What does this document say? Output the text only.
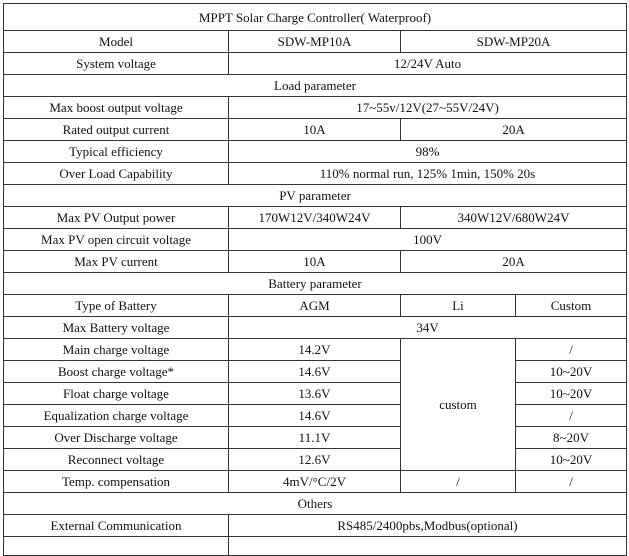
MPPT Solar Charge Controller( Waterproof)			
Model	SDW-MP10A	SDW-MP20A	
System voltage	12/24V Auto		
Load parameter			
Max boost output voltage	17~55v/12V(27~55V/24V)		
Rated output current	10A	20A	
Typical efficiency	98%		
Over Load Capability	110% normal run, 125% 1min, 150% 20s		
PV parameter			
Max PV Output power	170W12V/340W24V	340W12V/680W24V	
Max PV open circuit voltage	100V		
Max PV current	10A	20A	
Battery parameter			
Type of Battery	AGM	Li	Custom
Max Battery voltage	34V		
Main charge voltage	14.2V	custom	/
Boost charge voltage*	14.6V		10~20V
Float charge voltage	13.6V		10~20V
Equalization charge voltage	14.6V		/
Over Discharge voltage	11.1V		8~20V
Reconnect voltage	12.6V		10~20V
Temp. compensation	4mV/°C/2V	/	/
Others			
External Communication	RS485/2400pbs,Modbus(optional)		
